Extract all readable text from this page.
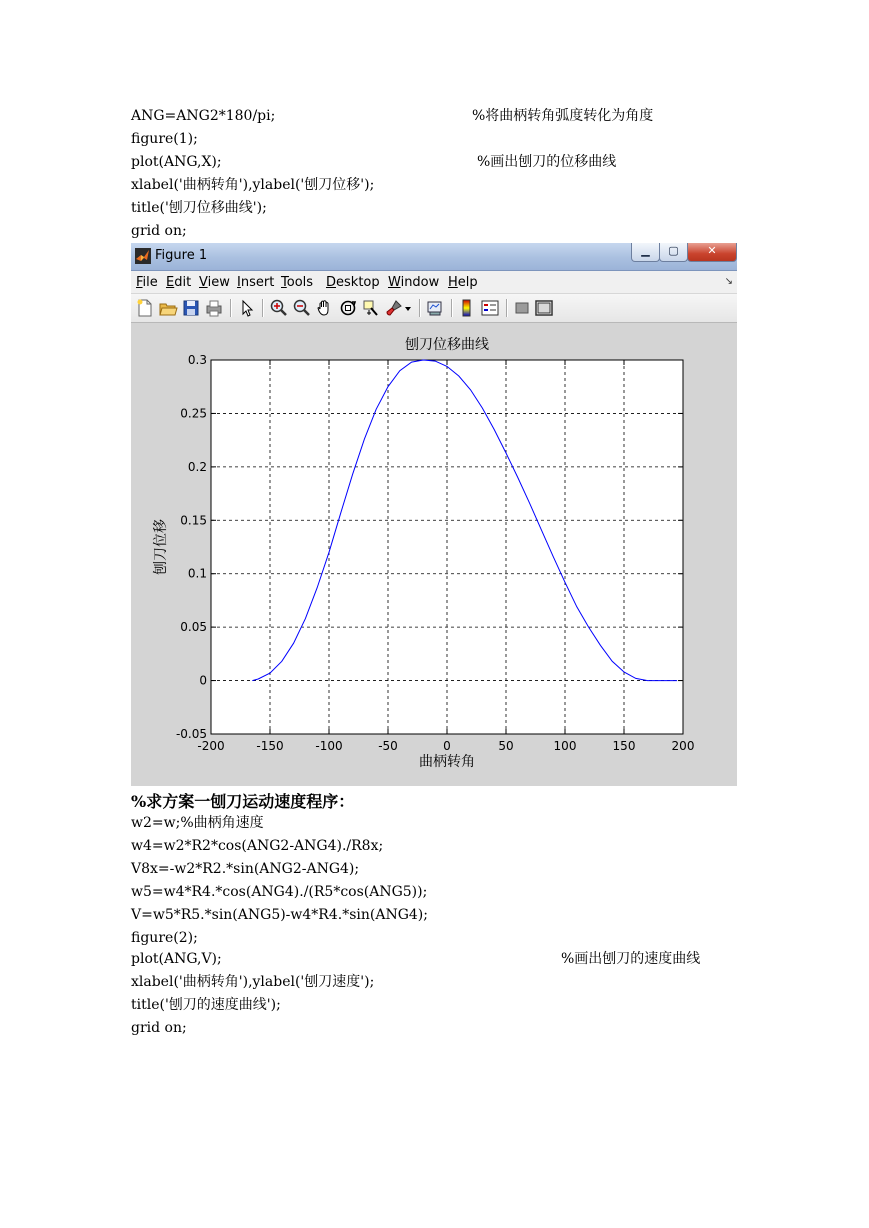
ANG=ANG2*180/pi;	%将曲柄转角弧度转化为角度
figure(1);
plot(ANG,X);	%画出刨刀的位移曲线
xlabel('曲柄转角'),ylabel('刨刀位移');
title('刨刀位移曲线');
grid on;
Figure 1	▁	▢	✕
File Edit View Insert Tools Desktop Window Help	↘
-200	-150	-100	-50	0	50	100	150	200
-0.05
0
0.05
0.1
0.15
0.2
0.25
0.3
刨刀位移曲线
曲柄转角
刨刀位移
%求方案一刨刀运动速度程序：
w2=w;%曲柄角速度
w4=w2*R2*cos(ANG2-ANG4)./R8x;
V8x=-w2*R2.*sin(ANG2-ANG4);
w5=w4*R4.*cos(ANG4)./(R5*cos(ANG5));
V=w5*R5.*sin(ANG5)-w4*R4.*sin(ANG4);
figure(2);
plot(ANG,V);	%画出刨刀的速度曲线
xlabel('曲柄转角'),ylabel('刨刀速度');
title('刨刀的速度曲线');
grid on;
